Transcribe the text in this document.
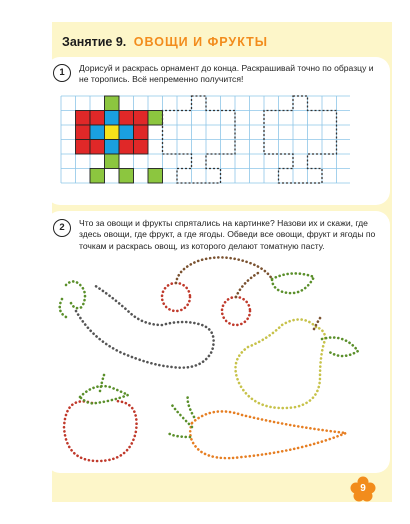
Занятие 9. ОВОЩИ И ФРУКТЫ
1	Дорисуй и раскрась орнамент до конца. Раскрашивай точно по образцу и не торопись. Всё непременно получится!
2	Что за овощи и фрукты спрятались на картинке? Назови их и скажи, где здесь овощи, где фрукт, а где ягоды. Обведи все овощи, фрукт и ягоды по точкам и раскрась овощ, из которого делают томатную пасту.
9
